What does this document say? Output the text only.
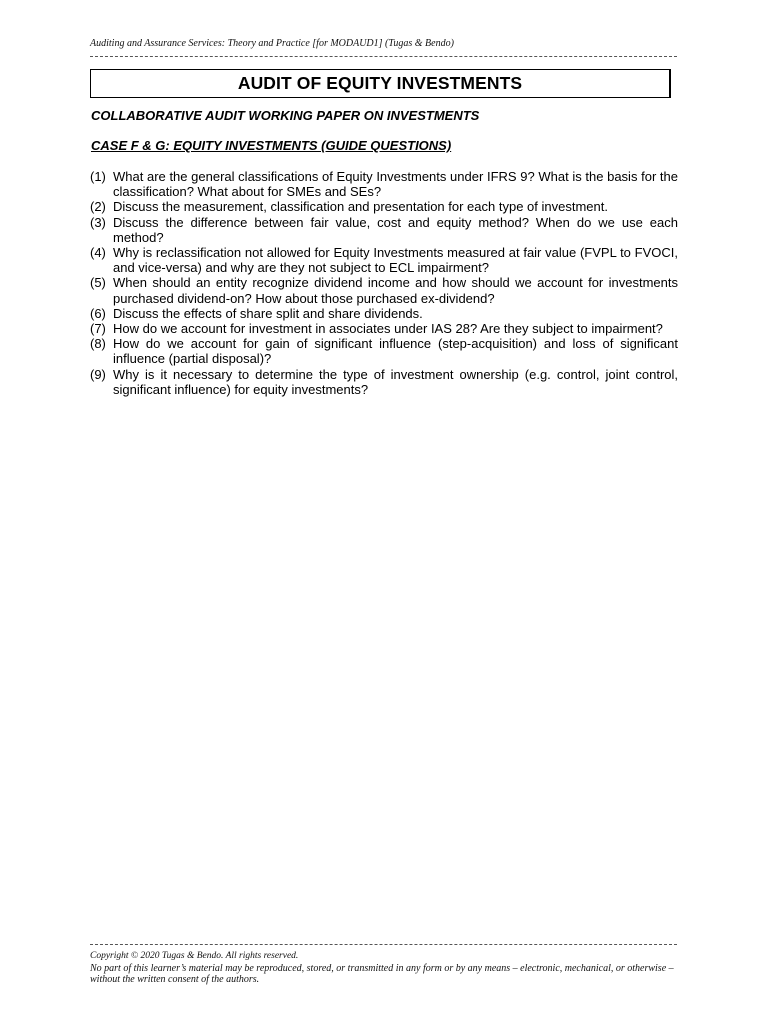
Auditing and Assurance Services: Theory and Practice [for MODAUD1] (Tugas & Bendo)
AUDIT OF EQUITY INVESTMENTS
COLLABORATIVE AUDIT WORKING PAPER ON INVESTMENTS
CASE F & G: EQUITY INVESTMENTS (GUIDE QUESTIONS)
(1) What are the general classifications of Equity Investments under IFRS 9? What is the basis for the classification? What about for SMEs and SEs?
(2) Discuss the measurement, classification and presentation for each type of investment.
(3) Discuss the difference between fair value, cost and equity method? When do we use each method?
(4) Why is reclassification not allowed for Equity Investments measured at fair value (FVPL to FVOCI, and vice-versa) and why are they not subject to ECL impairment?
(5) When should an entity recognize dividend income and how should we account for investments purchased dividend-on? How about those purchased ex-dividend?
(6) Discuss the effects of share split and share dividends.
(7) How do we account for investment in associates under IAS 28? Are they subject to impairment?
(8) How do we account for gain of significant influence (step-acquisition) and loss of significant influence (partial disposal)?
(9) Why is it necessary to determine the type of investment ownership (e.g. control, joint control, significant influence) for equity investments?
Copyright © 2020 Tugas & Bendo. All rights reserved.
No part of this learner’s material may be reproduced, stored, or transmitted in any form or by any means – electronic, mechanical, or otherwise – without the written consent of the authors.
